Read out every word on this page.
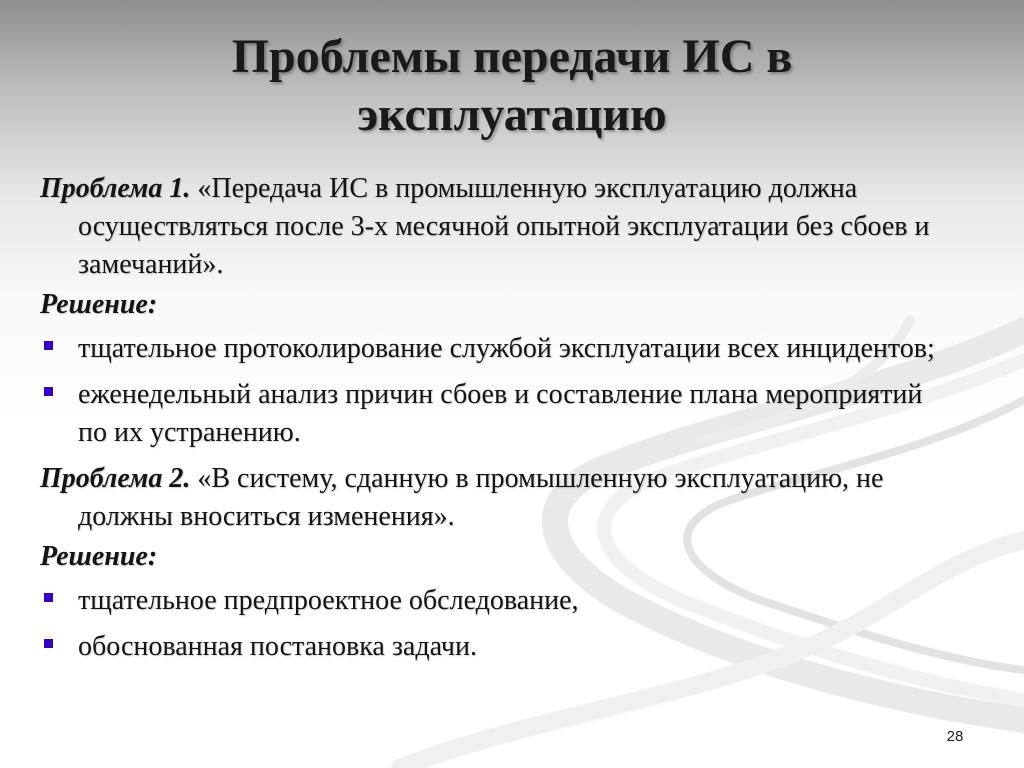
Проблемы передачи ИС в эксплуатацию
Проблема 1. «Передача ИС в промышленную эксплуатацию должна осуществляться после 3-х месячной опытной эксплуатации без сбоев и замечаний».
Решение:
тщательное протоколирование службой эксплуатации всех инцидентов;
еженедельный анализ причин сбоев и составление плана мероприятий по их устранению.
Проблема 2. «В систему, сданную в промышленную эксплуатацию, не должны вноситься изменения».
Решение:
тщательное предпроектное обследование,
обоснованная постановка задачи.
28
